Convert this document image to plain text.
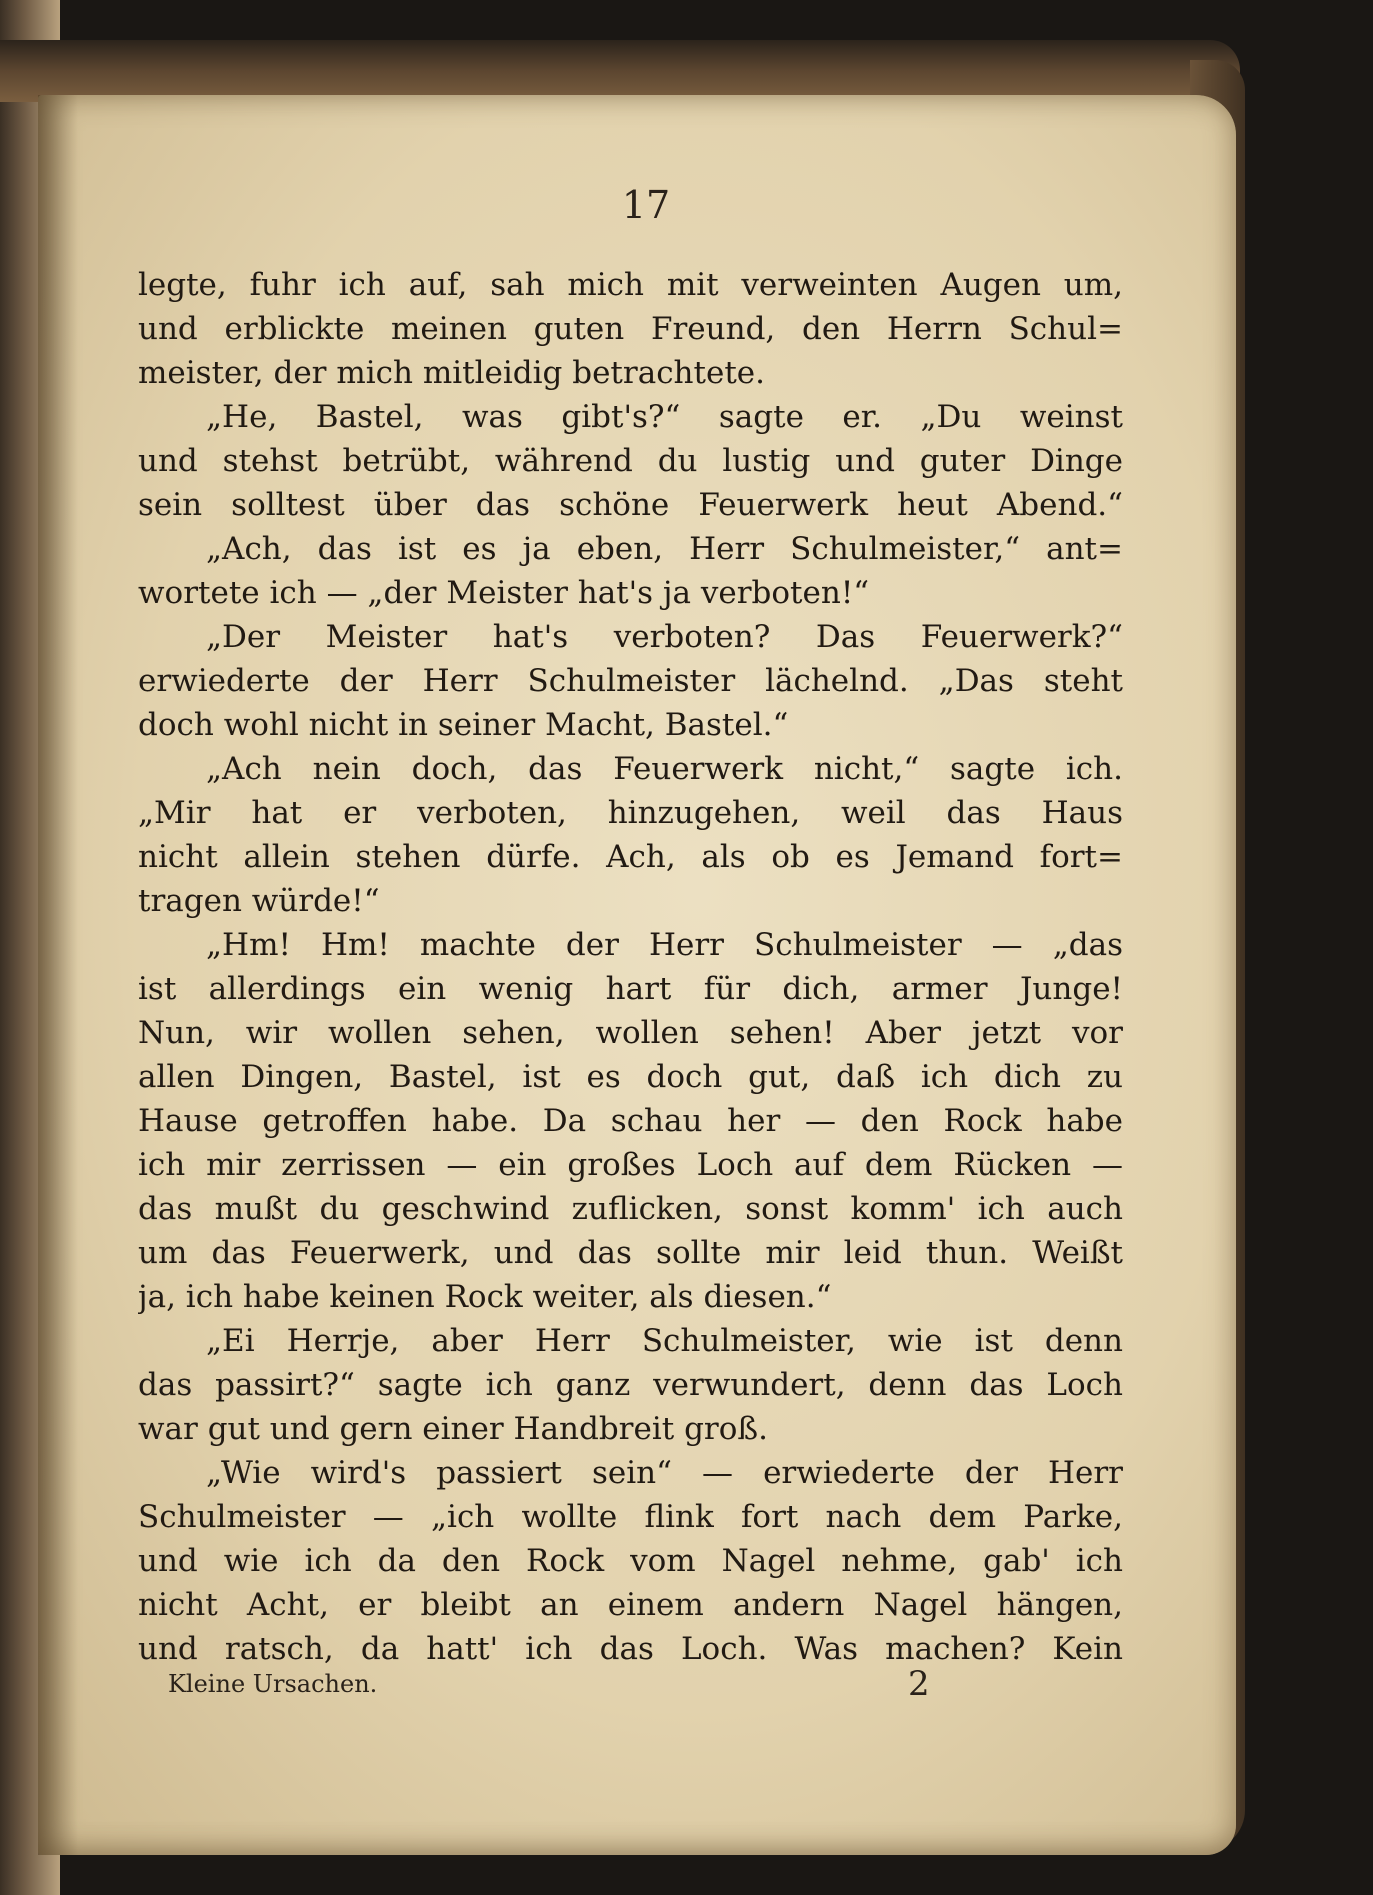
17
legte, fuhr ich auf, sah mich mit verweinten Augen um,
und erblickte meinen guten Freund, den Herrn Schul=
meister, der mich mitleidig betrachtete.
„He, Bastel, was gibt's?“ sagte er. „Du weinst
und stehst betrübt, während du lustig und guter Dinge
sein solltest über das schöne Feuerwerk heut Abend.“
„Ach, das ist es ja eben, Herr Schulmeister,“ ant=
wortete ich — „der Meister hat's ja verboten!“
„Der Meister hat's verboten? Das Feuerwerk?“
erwiederte der Herr Schulmeister lächelnd. „Das steht
doch wohl nicht in seiner Macht, Bastel.“
„Ach nein doch, das Feuerwerk nicht,“ sagte ich.
„Mir hat er verboten, hinzugehen, weil das Haus
nicht allein stehen dürfe. Ach, als ob es Jemand fort=
tragen würde!“
„Hm! Hm! machte der Herr Schulmeister — „das
ist allerdings ein wenig hart für dich, armer Junge!
Nun, wir wollen sehen, wollen sehen! Aber jetzt vor
allen Dingen, Bastel, ist es doch gut, daß ich dich zu
Hause getroffen habe. Da schau her — den Rock habe
ich mir zerrissen — ein großes Loch auf dem Rücken —
das mußt du geschwind zuflicken, sonst komm' ich auch
um das Feuerwerk, und das sollte mir leid thun. Weißt
ja, ich habe keinen Rock weiter, als diesen.“
„Ei Herrje, aber Herr Schulmeister, wie ist denn
das passirt?“ sagte ich ganz verwundert, denn das Loch
war gut und gern einer Handbreit groß.
„Wie wird's passiert sein“ — erwiederte der Herr
Schulmeister — „ich wollte flink fort nach dem Parke,
und wie ich da den Rock vom Nagel nehme, gab' ich
nicht Acht, er bleibt an einem andern Nagel hängen,
und ratsch, da hatt' ich das Loch. Was machen? Kein
Kleine Ursachen.	2
